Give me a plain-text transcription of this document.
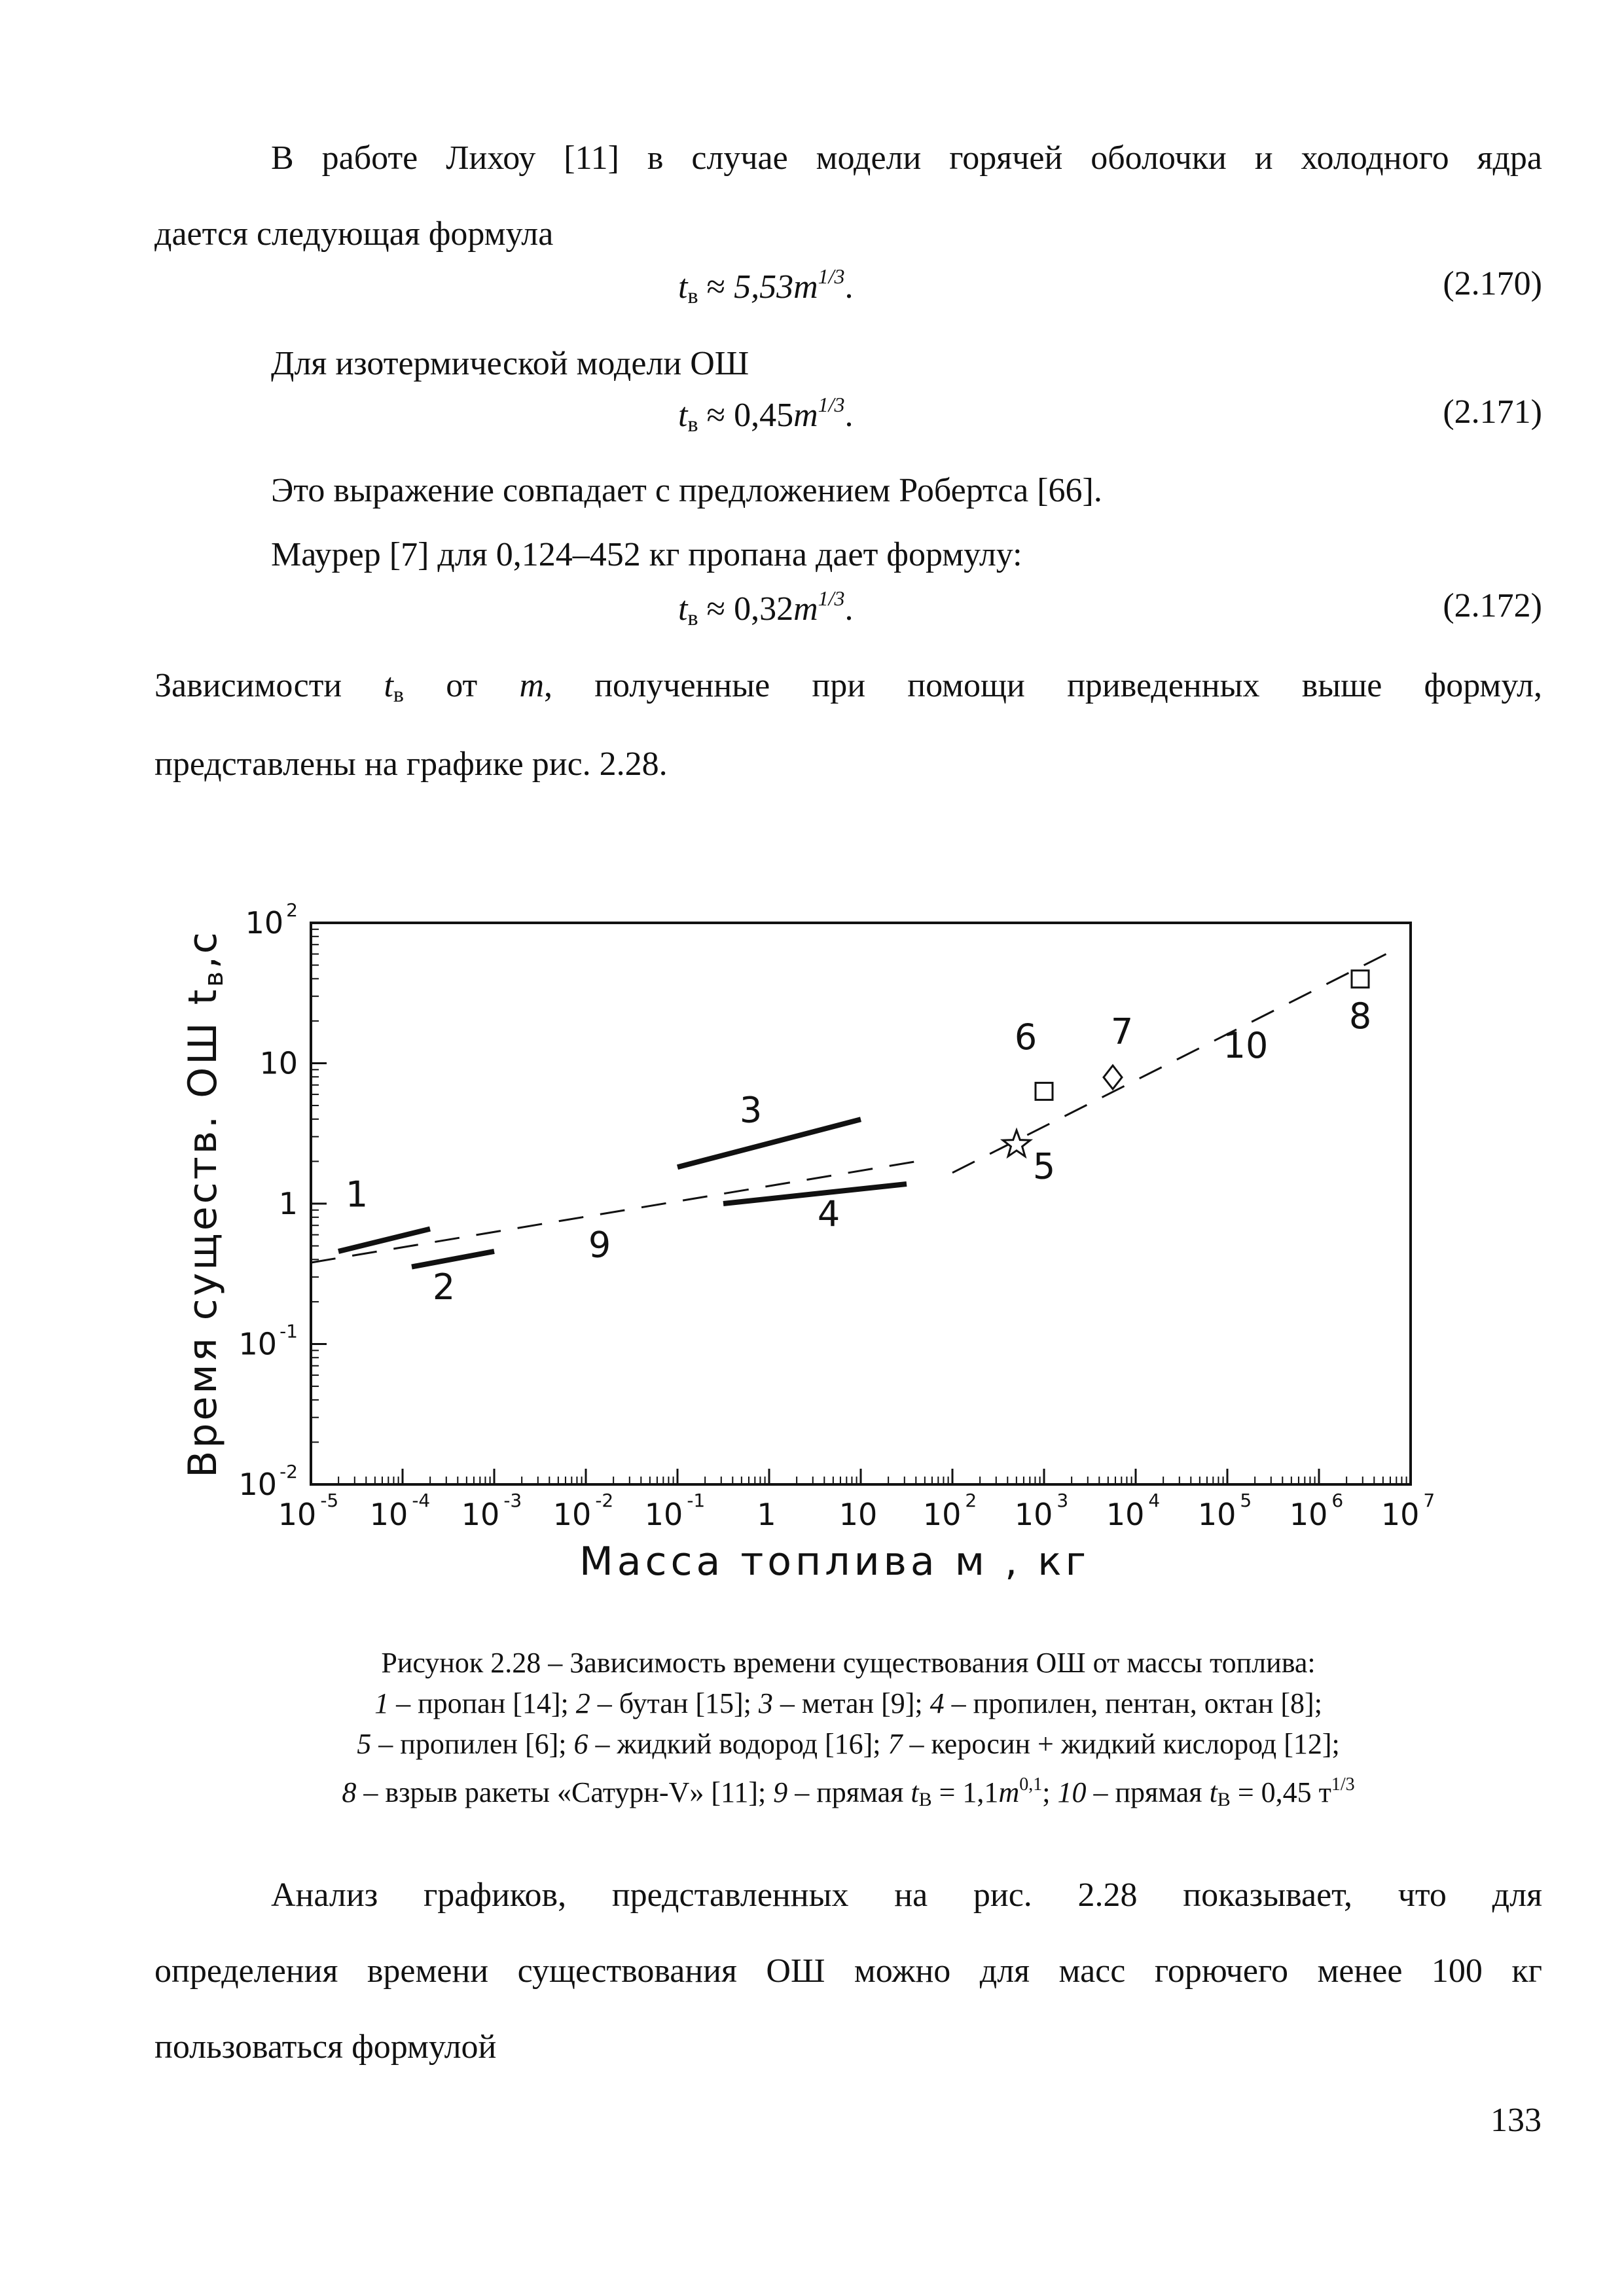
В работе Лихоу [11] в случае модели горячей оболочки и холодного ядра
дается следующая формула
$t_в \approx 5,53m^{1/3}$.	(2.170)
Для изотермической модели ОШ
$t_в \approx 0,45m^{1/3}$.	(2.171)
Это выражение совпадает с предложением Робертса [66].
Маурер [7] для 0,124–452 кг пропана дает формулу:
$t_в \approx 0,32m^{1/3}$.	(2.172)
Зависимости $t_в$ от m, полученные при помощи приведенных выше формул,
представлены на графике рис. 2.28.
10 $^{-5}$ 10 $^{-4}$ 10 $^{-3}$ 10 $^{-2}$ 10 $^{-1}$ 1 10 10 $^2$ 10 $^3$ 10 $^4$ 10 $^5$ 10 $^6$ 10 $^7$
10 $^2$
10
1
10 $^{-1}$
10 $^{-2}$
1
2
3
4
9
5
6 7	10
8
Масса топлива м , кг
Время существ. ОШ tв,с
Рисунок 2.28 – Зависимость времени существования ОШ от массы топлива:
1 – пропан [14]; 2 – бутан [15]; 3 – метан [9]; 4 – пропилен, пентан, октан [8];
5 – пропилен [6]; 6 – жидкий водород [16]; 7 – керосин + жидкий кислород [12];
8 – взрыв ракеты «Сатурн-V» [11]; 9 – прямая tB = $1,1m^{0,1}$; 10 – прямая tB = 0,45 $т^{1/3}$
Анализ графиков, представленных на рис. 2.28 показывает, что для
определения времени существования ОШ можно для масс горючего менее 100 кг
пользоваться формулой
133
